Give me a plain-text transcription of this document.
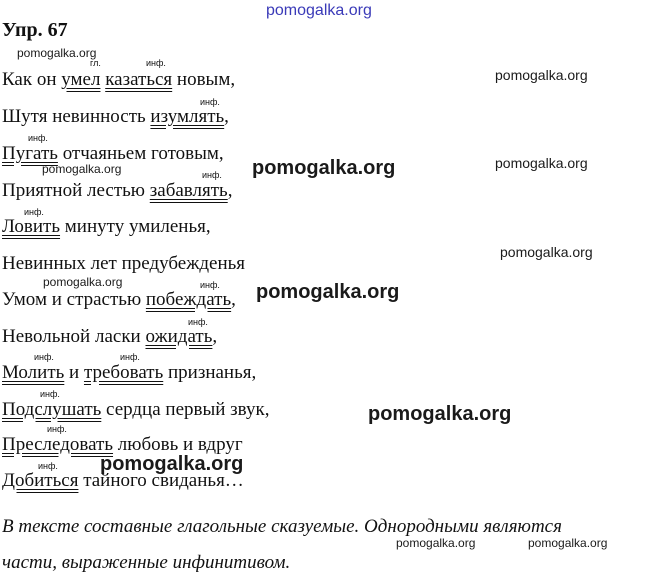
pomogalka.org
pomogalka.org
pomogalka.org
pomogalka.org
pomogalka.org
pomogalka.org
pomogalka.org
pomogalka.org
pomogalka.org
pomogalka.org
pomogalka.org
pomogalka.org	pomogalka.org
Упр. 67
гл.	инф.
инф.
инф.
инф.
инф.
инф.
инф.
инф.	инф.
инф.
инф.
инф.
Как он умел казаться новым,
Шутя невинность изумлять,
Пугать отчаяньем готовым,
Приятной лестью забавлять,
Ловить минуту умиленья,
Невинных лет предубежденья
Умом и страстью побеждать,
Невольной ласки ожидать,
Молить и требовать признанья,
Подслушать сердца первый звук,
Преследовать любовь и вдруг
Добиться тайного свиданья…
В тексте составные глагольные сказуемые. Однородными являются
части, выраженные инфинитивом.
